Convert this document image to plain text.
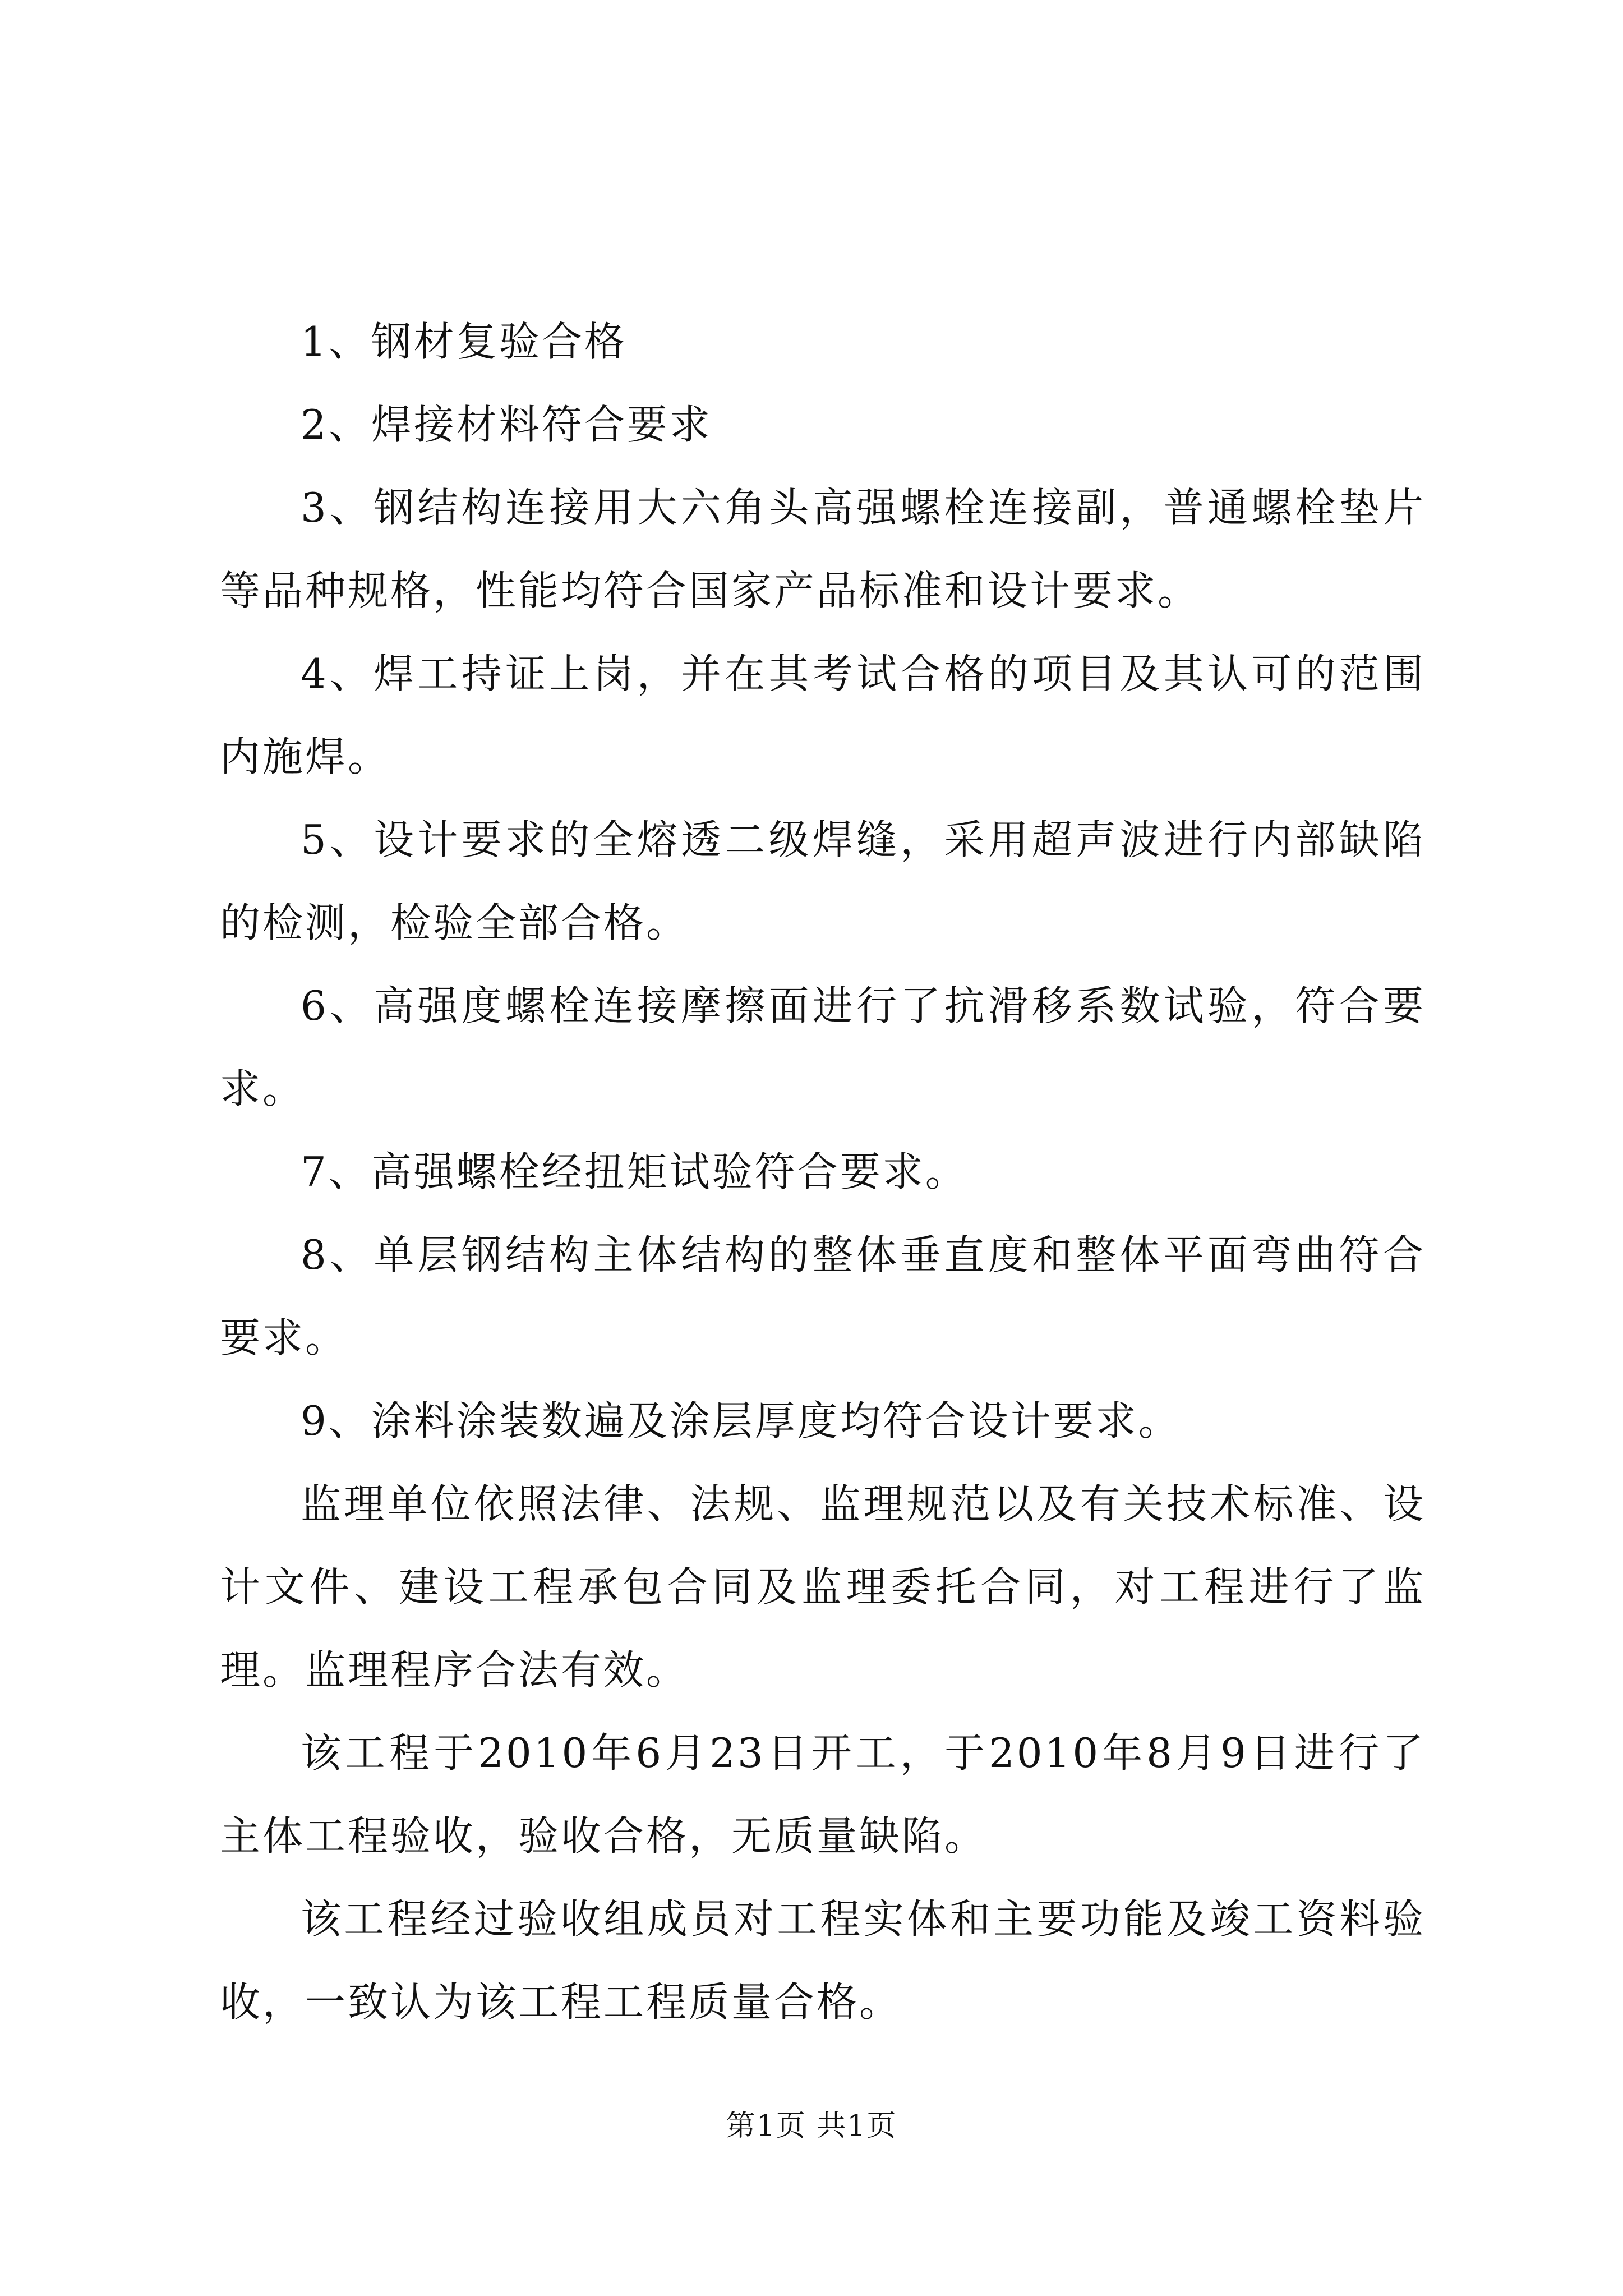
1、钢材复验合格

2、焊接材料符合要求

3、钢结构连接用大六角头高强螺栓连接副，普通螺栓垫片等品种规格，性能均符合国家产品标准和设计要求。

4、焊工持证上岗，并在其考试合格的项目及其认可的范围内施焊。

5、设计要求的全熔透二级焊缝，采用超声波进行内部缺陷的检测，检验全部合格。

6、高强度螺栓连接摩擦面进行了抗滑移系数试验，符合要求。

7、高强螺栓经扭矩试验符合要求。

8、单层钢结构主体结构的整体垂直度和整体平面弯曲符合要求。

9、涂料涂装数遍及涂层厚度均符合设计要求。

监理单位依照法律、法规、监理规范以及有关技术标准、设计文件、建设工程承包合同及监理委托合同，对工程进行了监理。监理程序合法有效。

该工程于2010年6月23日开工，于2010年8月9日进行了主体工程验收，验收合格，无质量缺陷。

该工程经过验收组成员对工程实体和主要功能及竣工资料验收，一致认为该工程工程质量合格。

第1页 共1页
